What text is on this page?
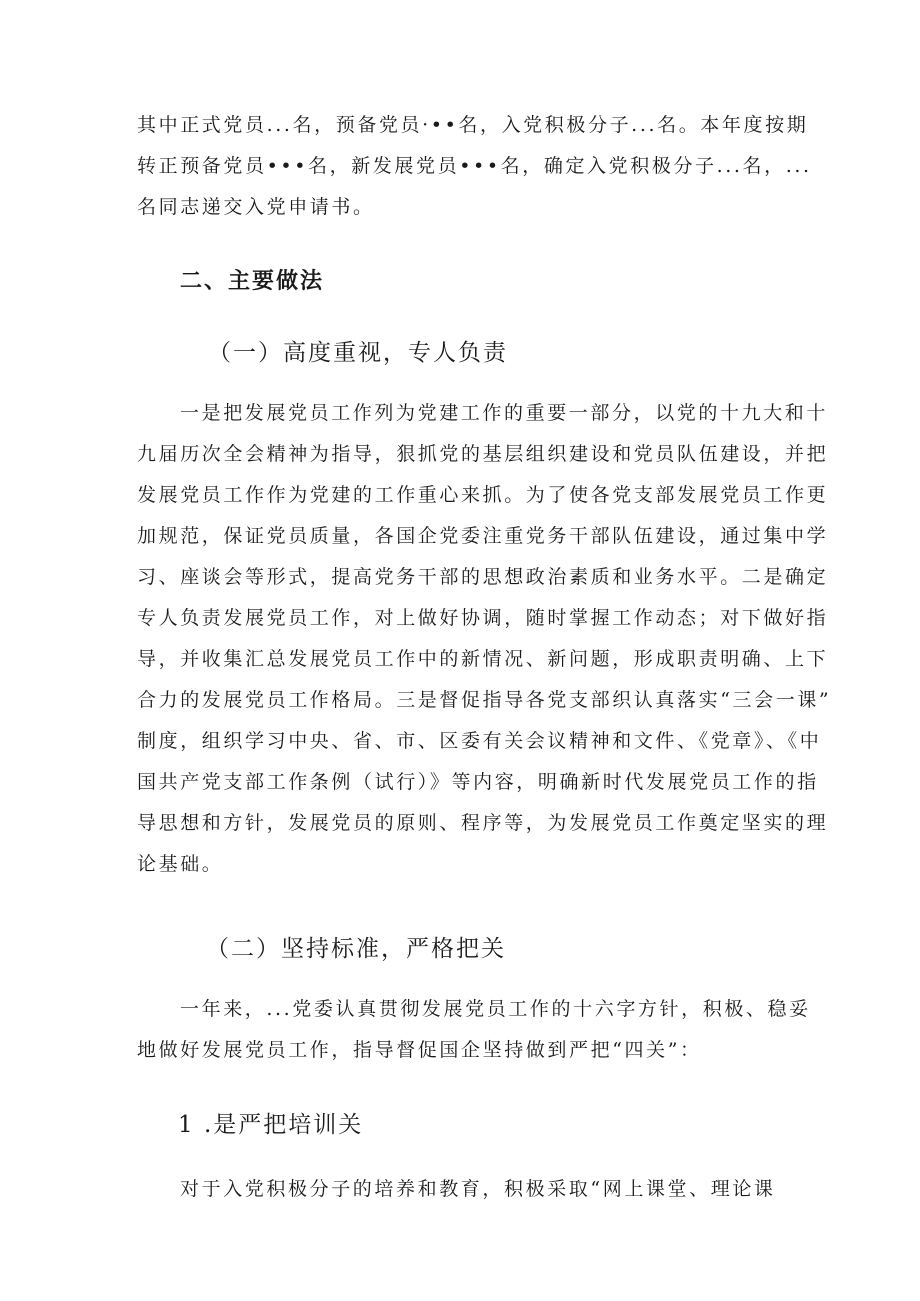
其中正式党员...名，预备党员·••名，入党积极分子...名。本年度按期
转正预备党员•••名，新发展党员•••名，确定入党积极分子...名，...
名同志递交入党申请书。
二、主要做法
（一）高度重视，专人负责
一是把发展党员工作列为党建工作的重要一部分，以党的十九大和十
九届历次全会精神为指导，狠抓党的基层组织建设和党员队伍建设，并把
发展党员工作作为党建的工作重心来抓。为了使各党支部发展党员工作更
加规范，保证党员质量，各国企党委注重党务干部队伍建设，通过集中学
习、座谈会等形式，提高党务干部的思想政治素质和业务水平。二是确定
专人负责发展党员工作，对上做好协调，随时掌握工作动态；对下做好指
导，并收集汇总发展党员工作中的新情况、新问题，形成职责明确、上下
合力的发展党员工作格局。三是督促指导各党支部织认真落实“三会一课”
制度，组织学习中央、省、市、区委有关会议精神和文件、《党章》、《中
国共产党支部工作条例（试行）》等内容，明确新时代发展党员工作的指
导思想和方针，发展党员的原则、程序等，为发展党员工作奠定坚实的理
论基础。
（二）坚持标准，严格把关
一年来，...党委认真贯彻发展党员工作的十六字方针，积极、稳妥
地做好发展党员工作，指导督促国企坚持做到严把“四关”：
1 .是严把培训关
对于入党积极分子的培养和教育，积极采取“网上课堂、理论课
